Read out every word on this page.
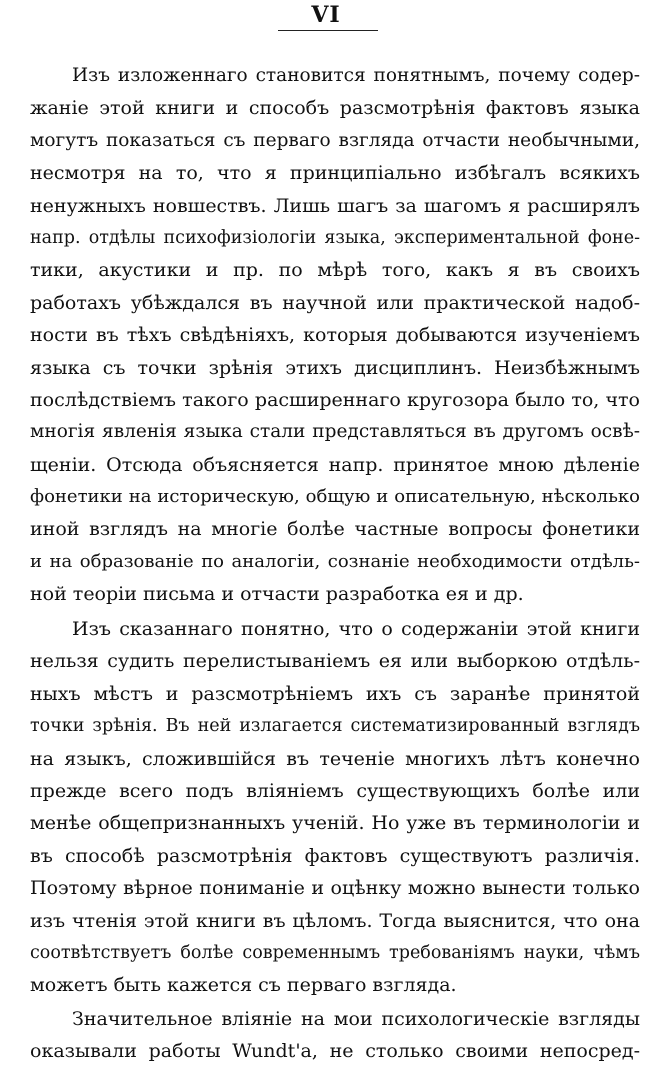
VI
Изъ изложеннаго становится понятнымъ, почему содер-
жаніе этой книги и способъ разсмотрѣнія фактовъ языка
могутъ показаться съ перваго взгляда отчасти необычными,
несмотря на то, что я принципіально избѣгалъ всякихъ
ненужныхъ новшествъ. Лишь шагъ за шагомъ я расширялъ
напр. отдѣлы психофизіологіи языка, экспериментальной фоне-
тики, акустики и пр. по мѣрѣ того, какъ я въ своихъ
работахъ убѣждался въ научной или практической надоб-
ности въ тѣхъ свѣдѣніяхъ, которыя добываются изученіемъ
языка съ точки зрѣнія этихъ дисциплинъ. Неизбѣжнымъ
послѣдствіемъ такого расширеннаго кругозора было то, что
многія явленія языка стали представляться въ другомъ освѣ-
щеніи. Отсюда объясняется напр. принятое мною дѣленіе
фонетики на историческую, общую и описательную, нѣсколько
иной взглядъ на многіе болѣе частные вопросы фонетики
и на образованіе по аналогіи, сознаніе необходимости отдѣль-
ной теоріи письма и отчасти разработка ея и др.
Изъ сказаннаго понятно, что о содержаніи этой книги
нельзя судить перелистываніемъ ея или выборкою отдѣль-
ныхъ мѣстъ и разсмотрѣніемъ ихъ съ заранѣе принятой
точки зрѣнія. Въ ней излагается систематизированный взглядъ
на языкъ, сложившійся въ теченіе многихъ лѣтъ конечно
прежде всего подъ вліяніемъ существующихъ болѣе или
менѣе общепризнанныхъ ученій. Но уже въ терминологіи и
въ способѣ разсмотрѣнія фактовъ существуютъ различія.
Поэтому вѣрное пониманіе и оцѣнку можно вынести только
изъ чтенія этой книги въ цѣломъ. Тогда выяснится, что она
соотвѣтствуетъ болѣе современнымъ требованіямъ науки, чѣмъ
можетъ быть кажется съ перваго взгляда.
Значительное вліяніе на мои психологическіе взгляды
оказывали работы Wundt'a, не столько своими непосред-
